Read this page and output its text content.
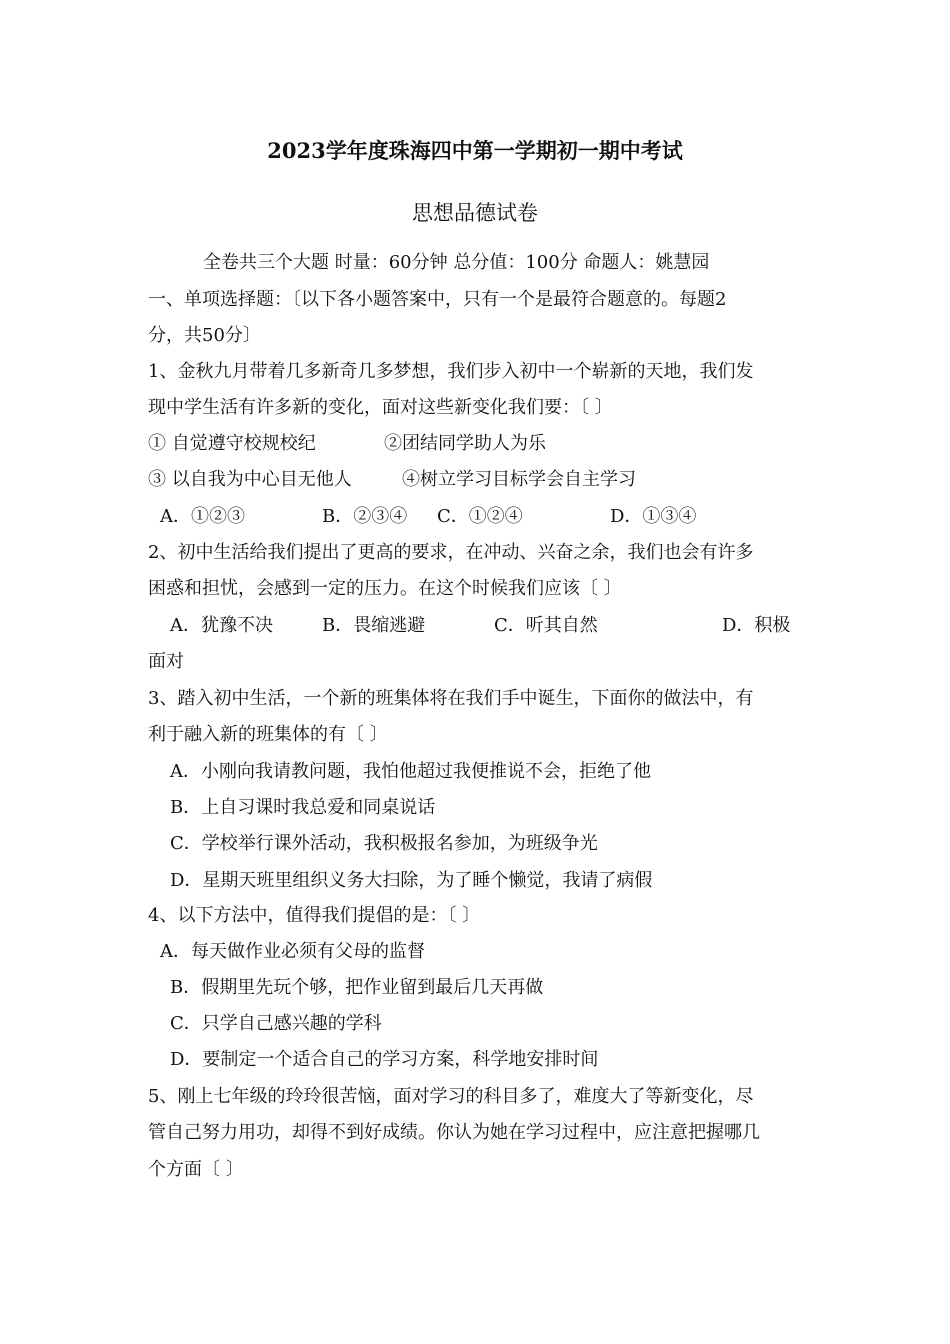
2023学年度珠海四中第一学期初一期中考试
思想品德试卷
全卷共三个大题 时量：60分钟 总分值：100分 命题人：姚慧园
一、单项选择题：〔以下各小题答案中，只有一个是最符合题意的。每题2
分，共50分〕
1、金秋九月带着几多新奇几多梦想，我们步入初中一个崭新的天地，我们发
现中学生活有许多新的变化，面对这些新变化我们要：〔 〕
① 自觉遵守校规校纪	②团结同学助人为乐
③ 以自我为中心目无他人	④树立学习目标学会自主学习
A．①②③	B．②③④ C．①②④	D．①③④
2、初中生活给我们提出了更高的要求，在冲动、兴奋之余，我们也会有许多
困惑和担忧，会感到一定的压力。在这个时候我们应该〔 〕
A．犹豫不决	B．畏缩逃避	C．听其自然	D．积极
面对
3、踏入初中生活，一个新的班集体将在我们手中诞生，下面你的做法中，有
利于融入新的班集体的有〔 〕
A．小刚向我请教问题，我怕他超过我便推说不会，拒绝了他
B．上自习课时我总爱和同桌说话
C．学校举行课外活动，我积极报名参加，为班级争光
D．星期天班里组织义务大扫除，为了睡个懒觉，我请了病假
4、以下方法中，值得我们提倡的是：〔 〕
A．每天做作业必须有父母的监督
B．假期里先玩个够，把作业留到最后几天再做
C．只学自己感兴趣的学科
D．要制定一个适合自己的学习方案，科学地安排时间
5、刚上七年级的玲玲很苦恼，面对学习的科目多了，难度大了等新变化，尽
管自己努力用功，却得不到好成绩。你认为她在学习过程中，应注意把握哪几
个方面〔 〕
